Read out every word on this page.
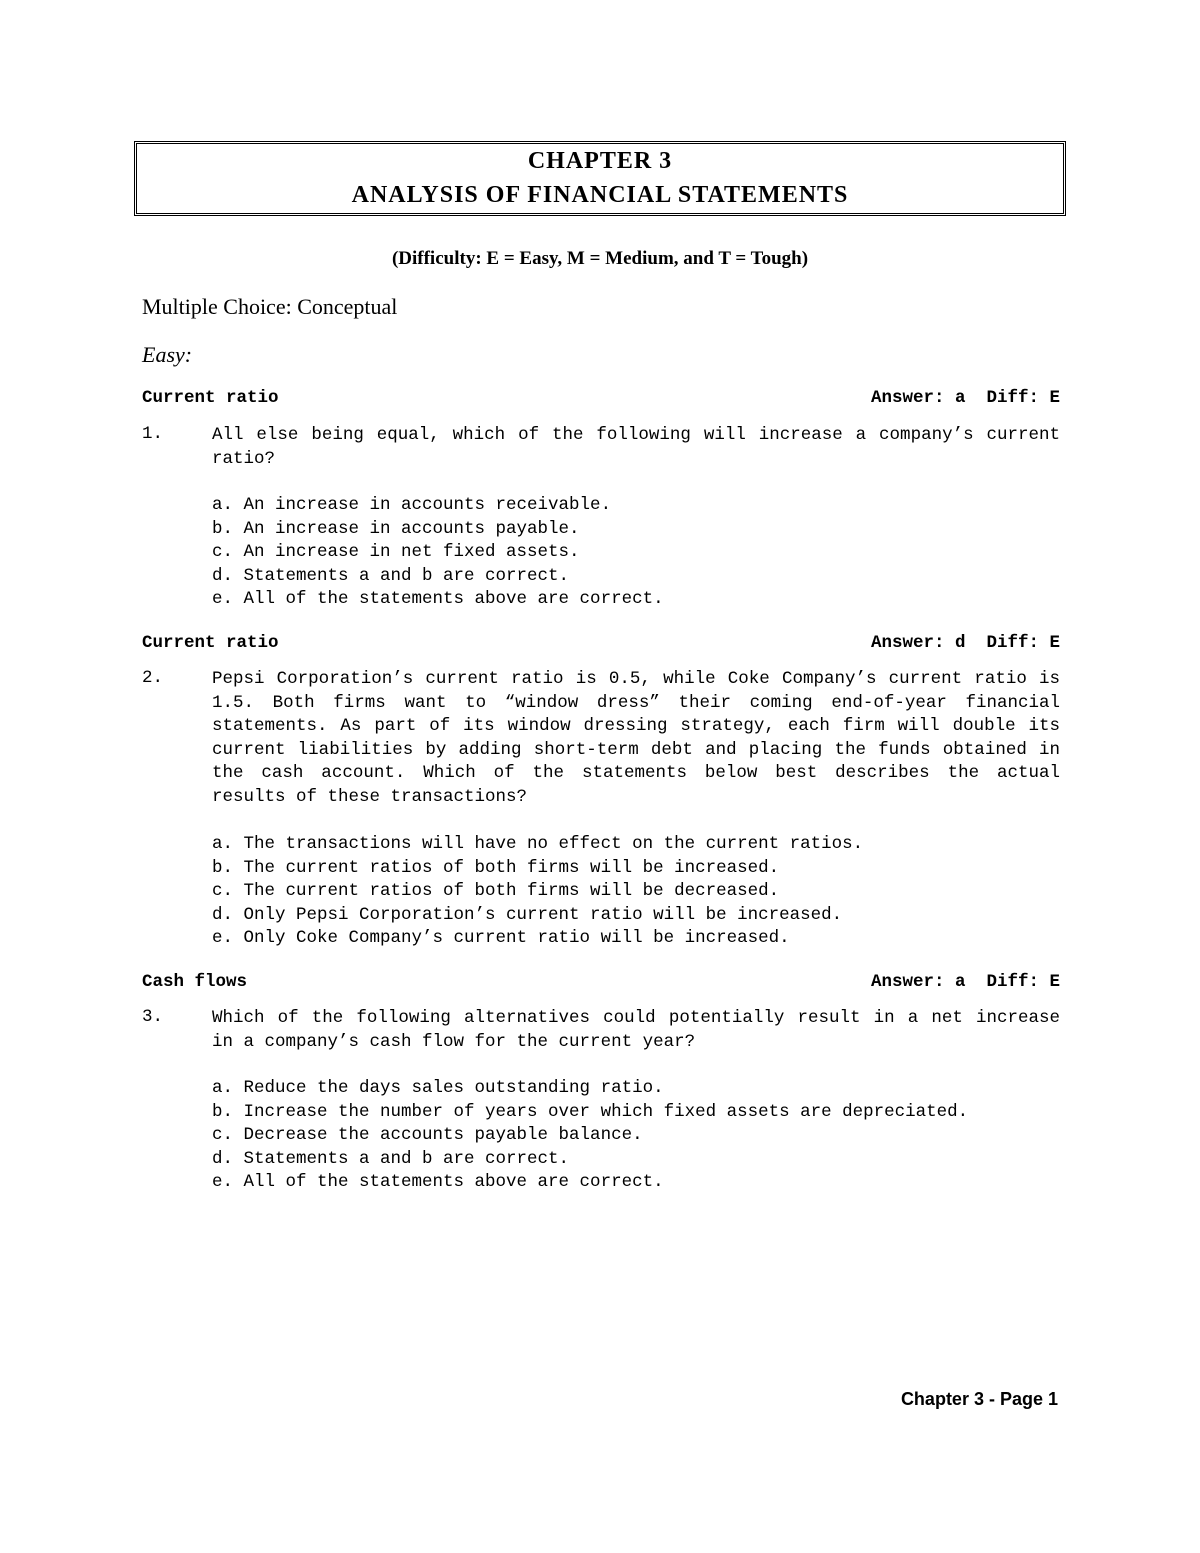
CHAPTER 3
ANALYSIS OF FINANCIAL STATEMENTS
(Difficulty: E = Easy, M = Medium, and T = Tough)
Multiple Choice: Conceptual
Easy:
Current ratio	Answer: a  Diff: E
1.	All else being equal, which of the following will increase a company’s current ratio?
a. An increase in accounts receivable.
b. An increase in accounts payable.
c. An increase in net fixed assets.
d. Statements a and b are correct.
e. All of the statements above are correct.
Current ratio	Answer: d  Diff: E
2.	Pepsi Corporation’s current ratio is 0.5, while Coke Company’s current ratio is 1.5. Both firms want to “window dress” their coming end-of-year financial statements. As part of its window dressing strategy, each firm will double its current liabilities by adding short-term debt and placing the funds obtained in the cash account. Which of the statements below best describes the actual results of these transactions?
a. The transactions will have no effect on the current ratios.
b. The current ratios of both firms will be increased.
c. The current ratios of both firms will be decreased.
d. Only Pepsi Corporation’s current ratio will be increased.
e. Only Coke Company’s current ratio will be increased.
Cash flows	Answer: a  Diff: E
3.	Which of the following alternatives could potentially result in a net increase in a company’s cash flow for the current year?
a. Reduce the days sales outstanding ratio.
b. Increase the number of years over which fixed assets are depreciated.
c. Decrease the accounts payable balance.
d. Statements a and b are correct.
e. All of the statements above are correct.
Chapter 3 - Page 1
